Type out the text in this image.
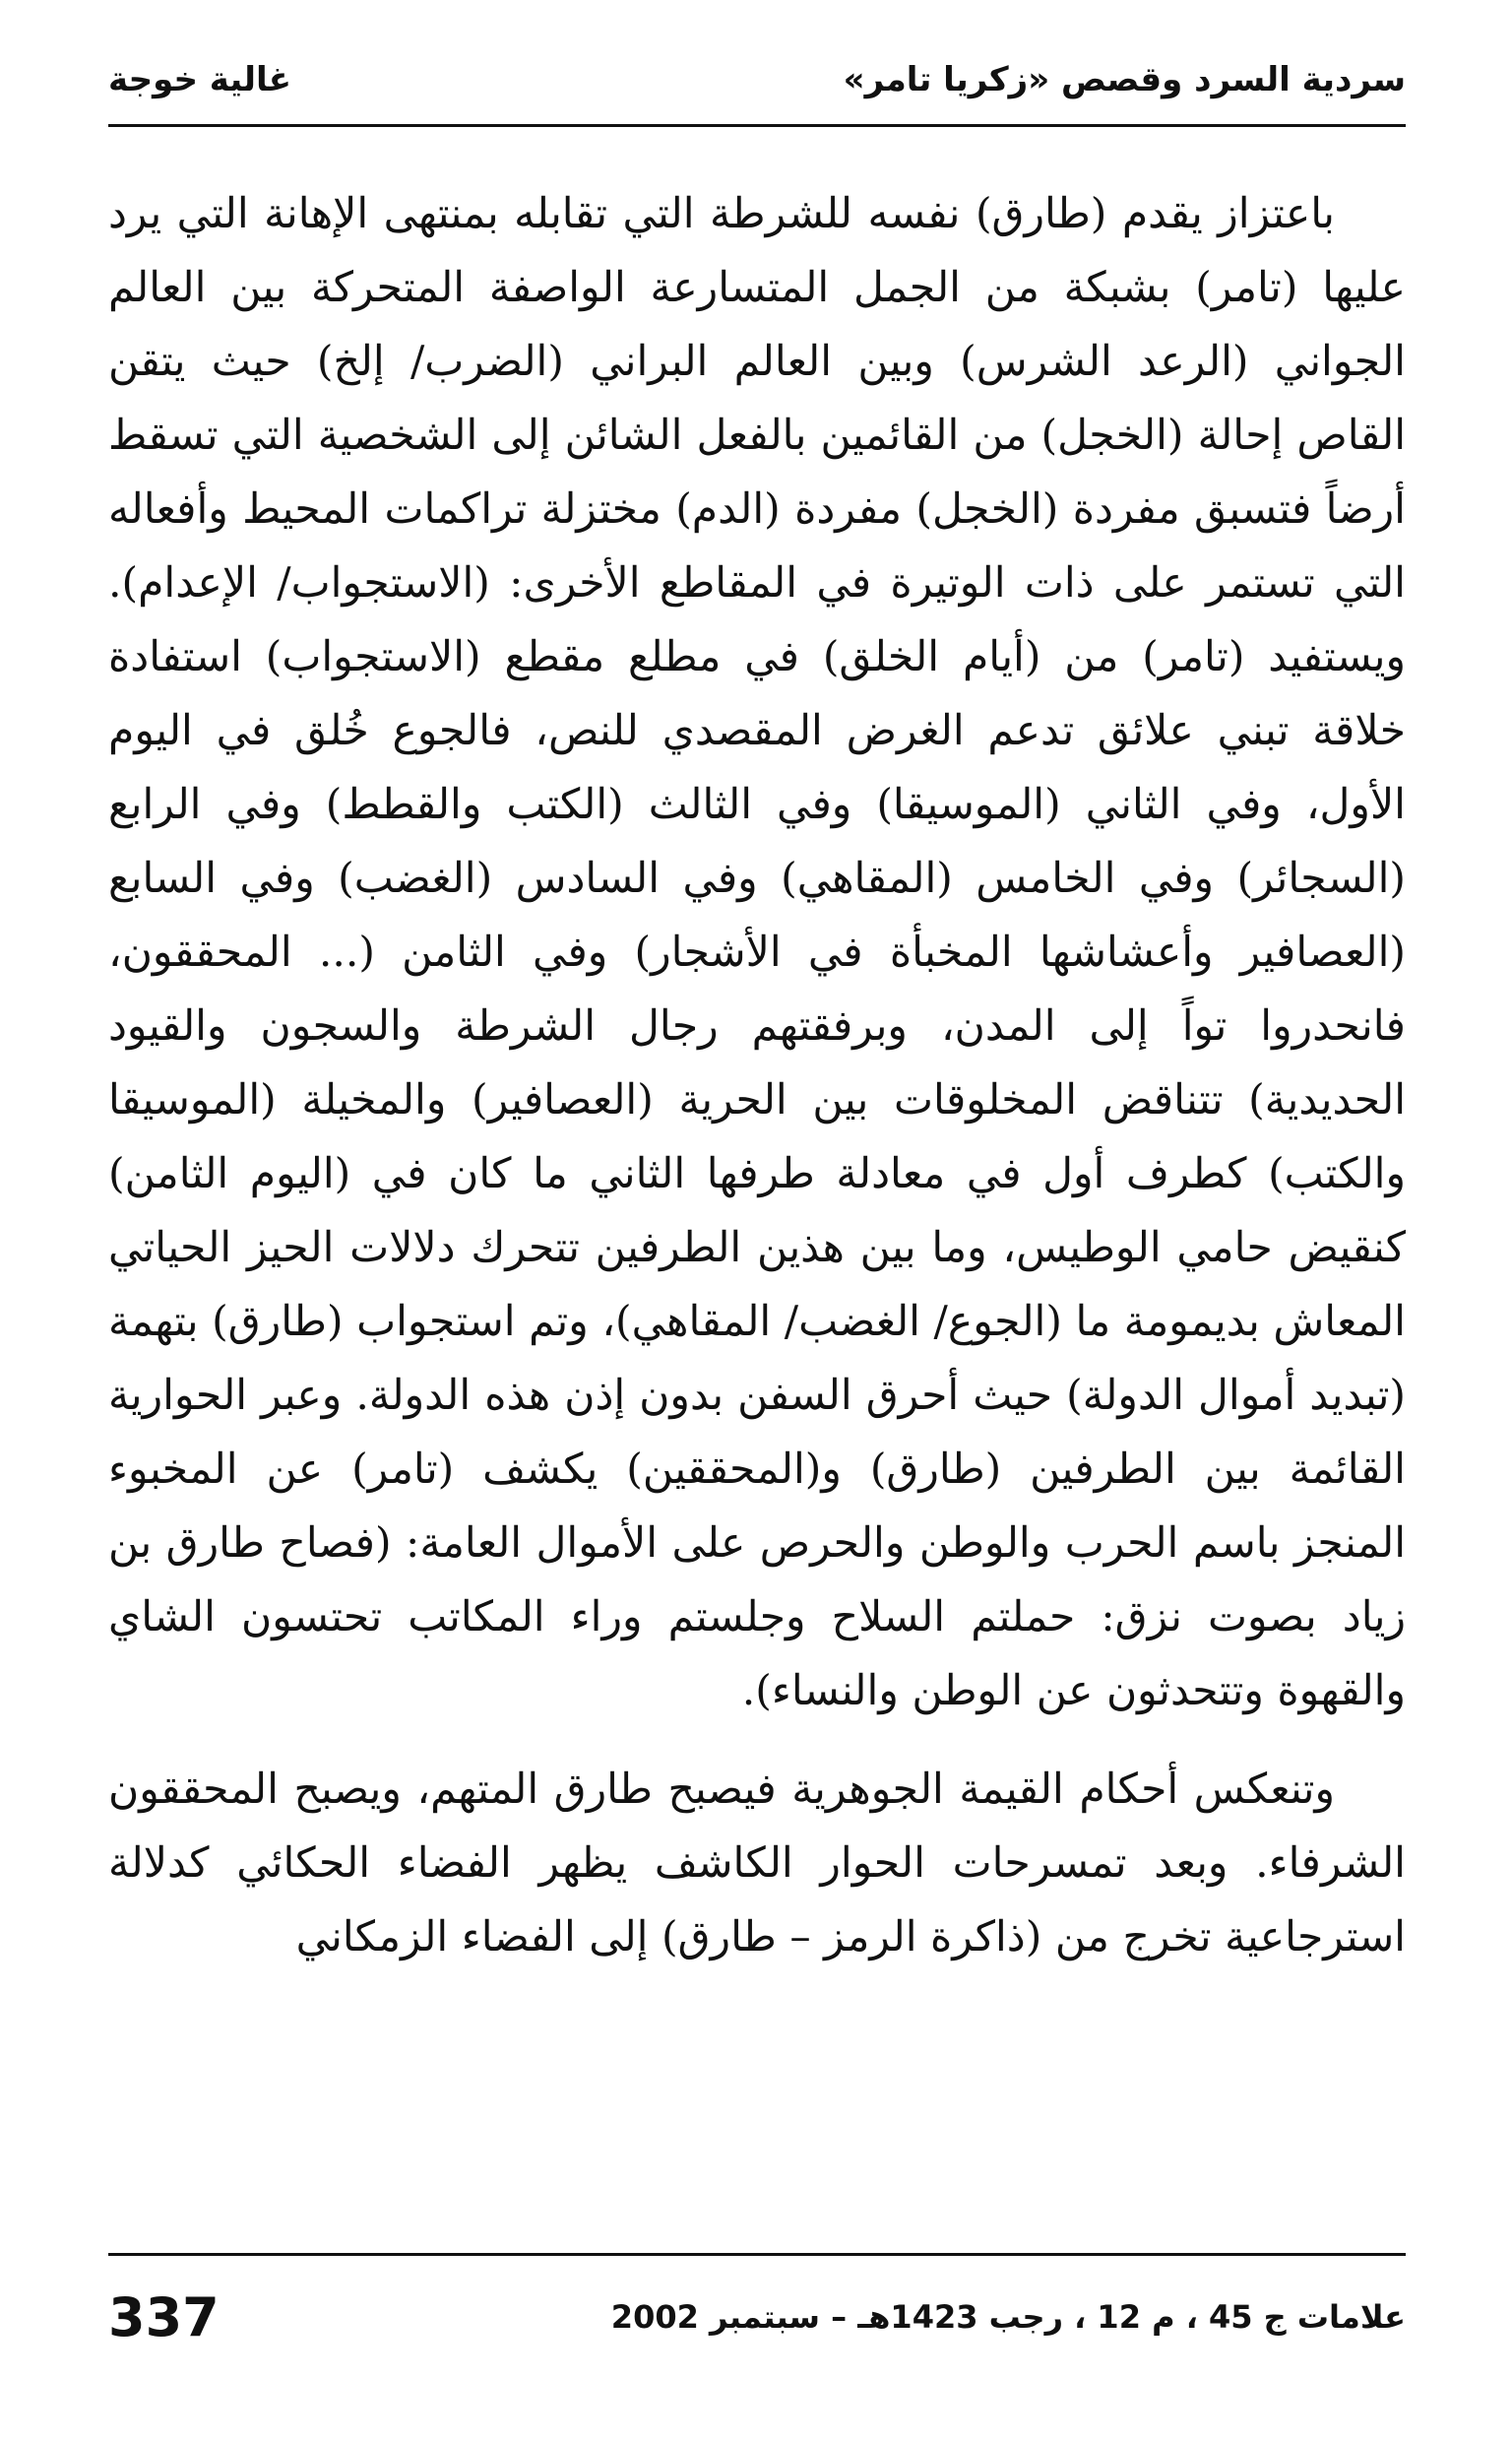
سردية السرد وقصص «زكريا تامر»
غالية خوجة

باعتزاز يقدم (طارق) نفسه للشرطة التي تقابله بمنتهى الإهانة التي يرد عليها (تامر) بشبكة من الجمل المتسارعة الواصفة المتحركة بين العالم الجواني (الرعد الشرس) وبين العالم البراني (الضرب/ إلخ) حيث يتقن القاص إحالة (الخجل) من القائمين بالفعل الشائن إلى الشخصية التي تسقط أرضاً فتسبق مفردة (الخجل) مفردة (الدم) مختزلة تراكمات المحيط وأفعاله التي تستمر على ذات الوتيرة في المقاطع الأخرى: (الاستجواب/ الإعدام). ويستفيد (تامر) من (أيام الخلق) في مطلع مقطع (الاستجواب) استفادة خلاقة تبني علائق تدعم الغرض المقصدي للنص، فالجوع خُلق في اليوم الأول، وفي الثاني (الموسيقا) وفي الثالث (الكتب والقطط) وفي الرابع (السجائر) وفي الخامس (المقاهي) وفي السادس (الغضب) وفي السابع (العصافير وأعشاشها المخبأة في الأشجار) وفي الثامن (... المحققون، فانحدروا تواً إلى المدن، وبرفقتهم رجال الشرطة والسجون والقيود الحديدية) تتناقض المخلوقات بين الحرية (العصافير) والمخيلة (الموسيقا والكتب) كطرف أول في معادلة طرفها الثاني ما كان في (اليوم الثامن) كنقيض حامي الوطيس، وما بين هذين الطرفين تتحرك دلالات الحيز الحياتي المعاش بديمومة ما (الجوع/ الغضب/ المقاهي)، وتم استجواب (طارق) بتهمة (تبديد أموال الدولة) حيث أحرق السفن بدون إذن هذه الدولة. وعبر الحوارية القائمة بين الطرفين (طارق) و(المحققين) يكشف (تامر) عن المخبوء المنجز باسم الحرب والوطن والحرص على الأموال العامة: (فصاح طارق بن زياد بصوت نزق: حملتم السلاح وجلستم وراء المكاتب تحتسون الشاي والقهوة وتتحدثون عن الوطن والنساء).

وتنعكس أحكام القيمة الجوهرية فيصبح طارق المتهم، ويصبح المحققون الشرفاء. وبعد تمسرحات الحوار الكاشف يظهر الفضاء الحكائي كدلالة استرجاعية تخرج من (ذاكرة الرمز – طارق) إلى الفضاء الزمكاني

علامات ج 45 ، م 12 ، رجب 1423هـ – سبتمبر 2002
337
